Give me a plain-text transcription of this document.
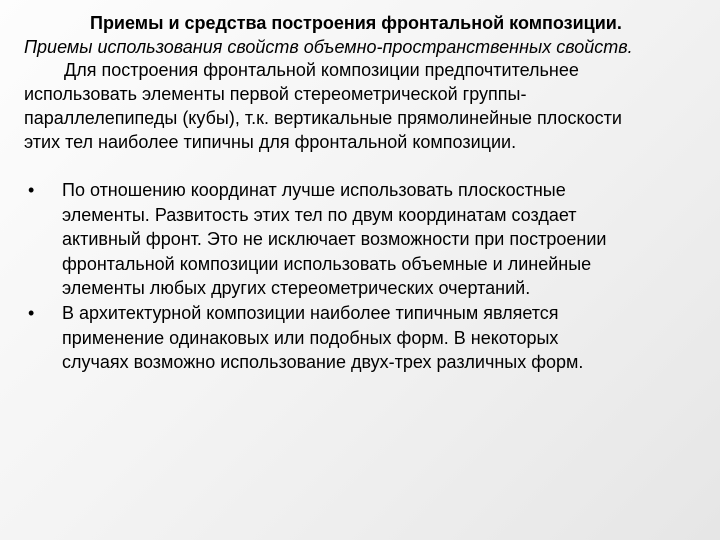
Приемы и средства построения фронтальной композиции.
Приемы использования свойств объемно-пространственных свойств.
Для построения фронтальной композиции предпочтительнее
использовать элементы первой стереометрической группы-
параллелепипеды (кубы), т.к. вертикальные прямолинейные плоскости
этих тел наиболее типичны для фронтальной композиции.
• По отношению координат лучше использовать плоскостные
элементы. Развитость этих тел по двум координатам создает
активный фронт. Это не исключает возможности при построении
фронтальной композиции использовать объемные и линейные
элементы любых других стереометрических очертаний.
• В архитектурной композиции наиболее типичным является
применение одинаковых или подобных форм. В некоторых
случаях возможно использование двух-трех различных форм.
